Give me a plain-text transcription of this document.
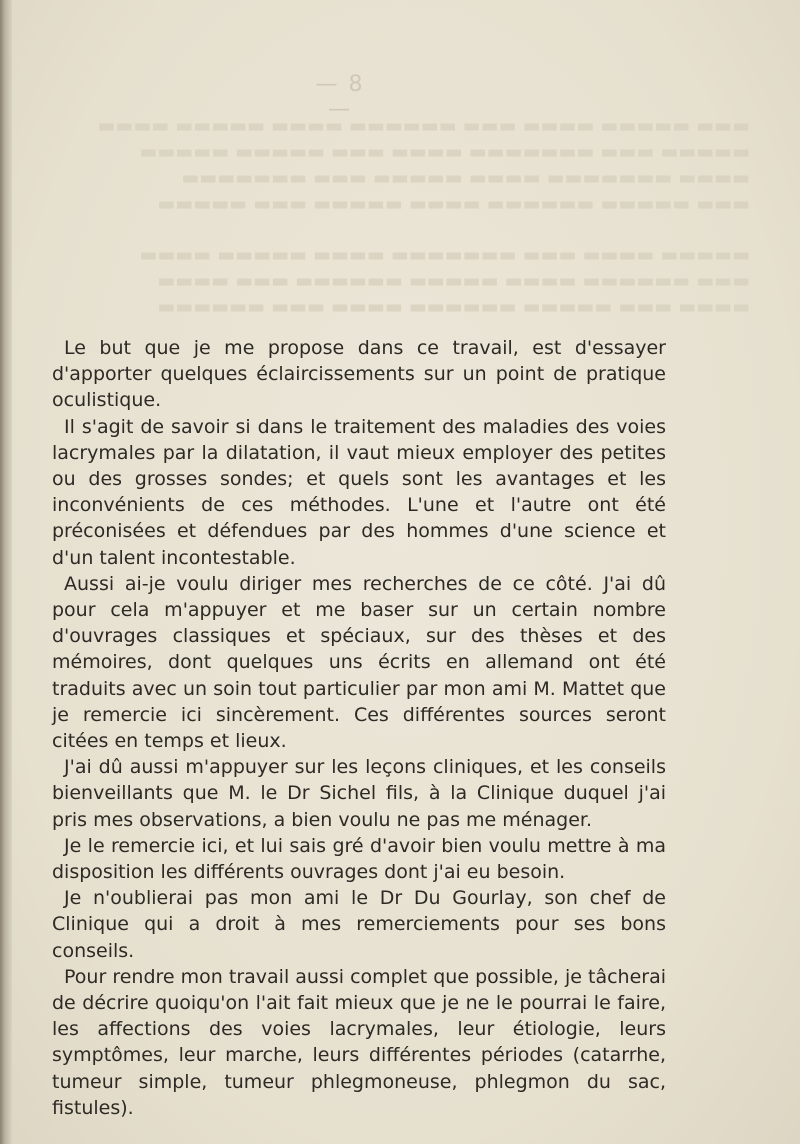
— 8 —
▬▬▬ ▬▬▬▬▬ ▬▬▬▬ ▬▬▬ ▬▬▬▬▬▬ ▬▬▬▬ ▬▬▬▬▬ ▬▬▬▬
▬▬▬▬▬ ▬▬▬ ▬▬▬▬▬▬▬ ▬▬▬▬ ▬▬▬ ▬▬▬▬▬ ▬▬▬▬▬
▬▬▬▬ ▬▬▬▬▬▬▬ ▬▬▬▬ ▬▬▬▬▬ ▬▬▬ ▬▬▬▬▬▬▬
▬▬▬ ▬▬▬▬▬ ▬▬▬▬▬▬ ▬▬▬▬ ▬▬▬▬▬ ▬▬▬ ▬▬▬▬▬
▬▬▬▬▬ ▬▬▬▬ ▬▬▬ ▬▬▬▬▬▬▬ ▬▬▬▬ ▬▬▬▬▬ ▬▬▬▬
▬▬▬ ▬▬▬▬▬▬ ▬▬▬▬ ▬▬▬▬▬ ▬▬▬▬▬▬ ▬▬▬ ▬▬▬▬
▬▬▬▬ ▬▬▬ ▬▬▬▬▬ ▬▬▬▬▬▬ ▬▬▬▬ ▬▬▬ ▬▬▬▬▬▬

Le but que je me propose dans ce travail, est d'essayer d'apporter quelques éclaircissements sur un point de pratique oculistique.

Il s'agit de savoir si dans le traitement des maladies des voies lacrymales par la dilatation, il vaut mieux employer des petites ou des grosses sondes; et quels sont les avantages et les inconvénients de ces méthodes. L'une et l'autre ont été préconisées et défendues par des hommes d'une science et d'un talent incontestable.

Aussi ai-je voulu diriger mes recherches de ce côté. J'ai dû pour cela m'appuyer et me baser sur un certain nombre d'ouvrages classiques et spéciaux, sur des thèses et des mémoires, dont quelques uns écrits en allemand ont été traduits avec un soin tout particulier par mon ami M. Mattet que je remercie ici sincèrement. Ces différentes sources seront citées en temps et lieux.

J'ai dû aussi m'appuyer sur les leçons cliniques, et les conseils bienveillants que M. le Dr Sichel fils, à la Clinique duquel j'ai pris mes observations, a bien voulu ne pas me ménager.

Je le remercie ici, et lui sais gré d'avoir bien voulu mettre à ma disposition les différents ouvrages dont j'ai eu besoin.

Je n'oublierai pas mon ami le Dr Du Gourlay, son chef de Clinique qui a droit à mes remerciements pour ses bons conseils.

Pour rendre mon travail aussi complet que possible, je tâcherai de décrire quoiqu'on l'ait fait mieux que je ne le pourrai le faire, les affections des voies lacrymales, leur étiologie, leurs symptômes, leur marche, leurs différentes périodes (catarrhe, tumeur simple, tumeur phlegmoneuse, phlegmon du sac, fistules).
